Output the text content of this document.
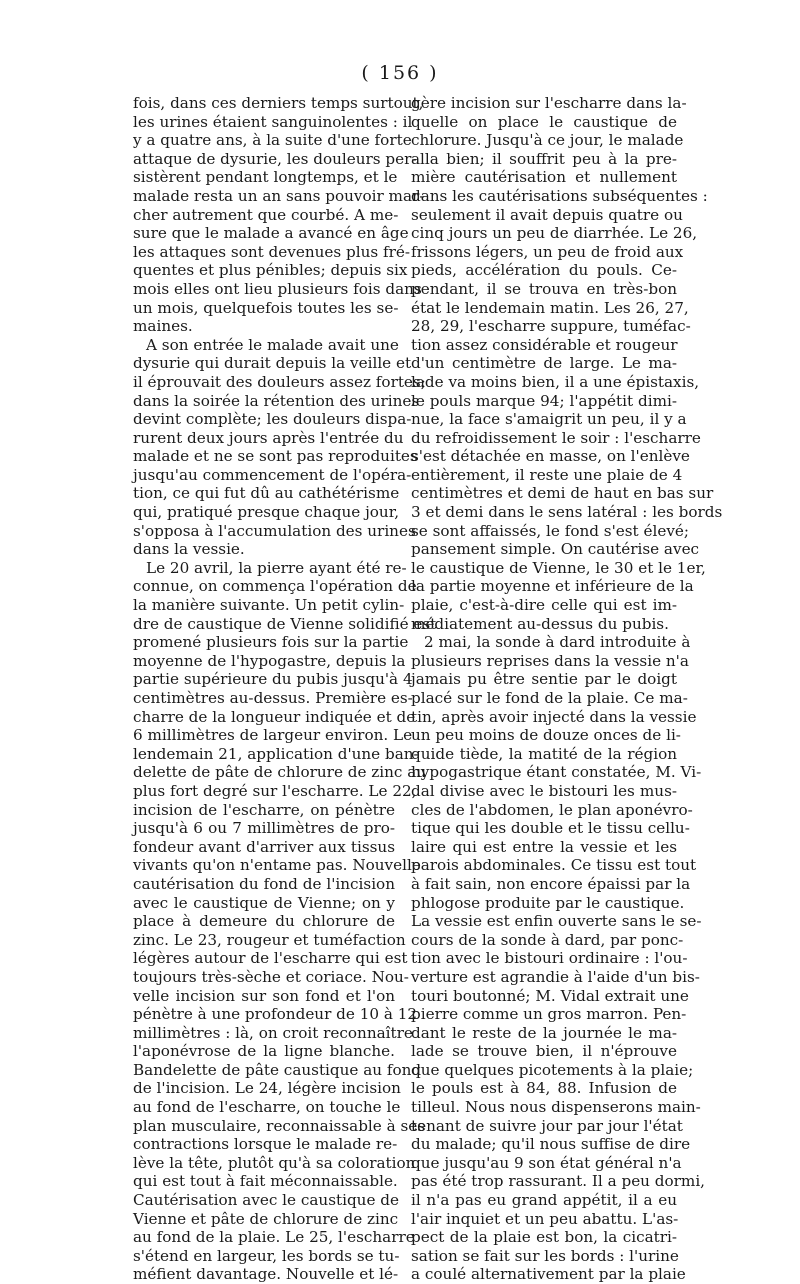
( 156 )
fois, dans ces derniers temps surtout,
les urines étaient sanguinolentes : il
y a quatre ans, à la suite d'une forte
attaque de dysurie, les douleurs per-
sistèrent pendant longtemps, et le
malade resta un an sans pouvoir mar-
cher autrement que courbé. A me-
sure que le malade a avancé en âge
les attaques sont devenues plus fré-
quentes et plus pénibles; depuis six
mois elles ont lieu plusieurs fois dans
un mois, quelquefois toutes les se-
maines.
A son entrée le malade avait une
dysurie qui durait depuis la veille et
il éprouvait des douleurs assez fortes;
dans la soirée la rétention des urines
devint complète; les douleurs dispa-
rurent deux jours après l'entrée du
malade et ne se sont pas reproduites
jusqu'au commencement de l'opéra-
tion, ce qui fut dû au cathétérisme
qui, pratiqué presque chaque jour,
s'opposa à l'accumulation des urines
dans la vessie.
Le 20 avril, la pierre ayant été re-
connue, on commença l'opération de
la manière suivante. Un petit cylin-
dre de caustique de Vienne solidifié est
promené plusieurs fois sur la partie
moyenne de l'hypogastre, depuis la
partie supérieure du pubis jusqu'à 4
centimètres au-dessus. Première es-
charre de la longueur indiquée et de
6 millimètres de largeur environ. Le
lendemain 21, application d'une ban-
delette de pâte de chlorure de zinc au
plus fort degré sur l'escharre. Le 22,
incision de l'escharre, on pénètre
jusqu'à 6 ou 7 millimètres de pro-
fondeur avant d'arriver aux tissus
vivants qu'on n'entame pas. Nouvelle
cautérisation du fond de l'incision
avec le caustique de Vienne; on y
place à demeure du chlorure de
zinc. Le 23, rougeur et tuméfaction
légères autour de l'escharre qui est
toujours très-sèche et coriace. Nou-
velle incision sur son fond et l'on
pénètre à une profondeur de 10 à 12
millimètres : là, on croit reconnaître
l'aponévrose de la ligne blanche.
Bandelette de pâte caustique au fond
de l'incision. Le 24, légère incision
au fond de l'escharre, on touche le
plan musculaire, reconnaissable à ses
contractions lorsque le malade re-
lève la tête, plutôt qu'à sa coloration
qui est tout à fait méconnaissable.
Cautérisation avec le caustique de
Vienne et pâte de chlorure de zinc
au fond de la plaie. Le 25, l'escharre
s'étend en largeur, les bords se tu-
méfient davantage. Nouvelle et lé-
gère incision sur l'escharre dans la-
quelle on place le caustique de
chlorure. Jusqu'à ce jour, le malade
alla bien; il souffrit peu à la pre-
mière cautérisation et nullement
dans les cautérisations subséquentes :
seulement il avait depuis quatre ou
cinq jours un peu de diarrhée. Le 26,
frissons légers, un peu de froid aux
pieds, accélération du pouls. Ce-
pendant, il se trouva en très-bon
état le lendemain matin. Les 26, 27,
28, 29, l'escharre suppure, tuméfac-
tion assez considérable et rougeur
d'un centimètre de large. Le ma-
lade va moins bien, il a une épistaxis,
le pouls marque 94; l'appétit dimi-
nue, la face s'amaigrit un peu, il y a
du refroidissement le soir : l'escharre
s'est détachée en masse, on l'enlève
entièrement, il reste une plaie de 4
centimètres et demi de haut en bas sur
3 et demi dans le sens latéral : les bords
se sont affaissés, le fond s'est élevé;
pansement simple. On cautérise avec
le caustique de Vienne, le 30 et le 1er,
la partie moyenne et inférieure de la
plaie, c'est-à-dire celle qui est im-
médiatement au-dessus du pubis.
2 mai, la sonde à dard introduite à
plusieurs reprises dans la vessie n'a
jamais pu être sentie par le doigt
placé sur le fond de la plaie. Ce ma-
tin, après avoir injecté dans la vessie
un peu moins de douze onces de li-
quide tiède, la matité de la région
hypogastrique étant constatée, M. Vi-
dal divise avec le bistouri les mus-
cles de l'abdomen, le plan aponévro-
tique qui les double et le tissu cellu-
laire qui est entre la vessie et les
parois abdominales. Ce tissu est tout
à fait sain, non encore épaissi par la
phlogose produite par le caustique.
La vessie est enfin ouverte sans le se-
cours de la sonde à dard, par ponc-
tion avec le bistouri ordinaire : l'ou-
verture est agrandie à l'aide d'un bis-
touri boutonné; M. Vidal extrait une
pierre comme un gros marron. Pen-
dant le reste de la journée le ma-
lade se trouve bien, il n'éprouve
que quelques picotements à la plaie;
le pouls est à 84, 88. Infusion de
tilleul. Nous nous dispenserons main-
tenant de suivre jour par jour l'état
du malade; qu'il nous suffise de dire
que jusqu'au 9 son état général n'a
pas été trop rassurant. Il a peu dormi,
il n'a pas eu grand appétit, il a eu
l'air inquiet et un peu abattu. L'as-
pect de la plaie est bon, la cicatri-
sation se fait sur les bords : l'urine
a coulé alternativement par la plaie
